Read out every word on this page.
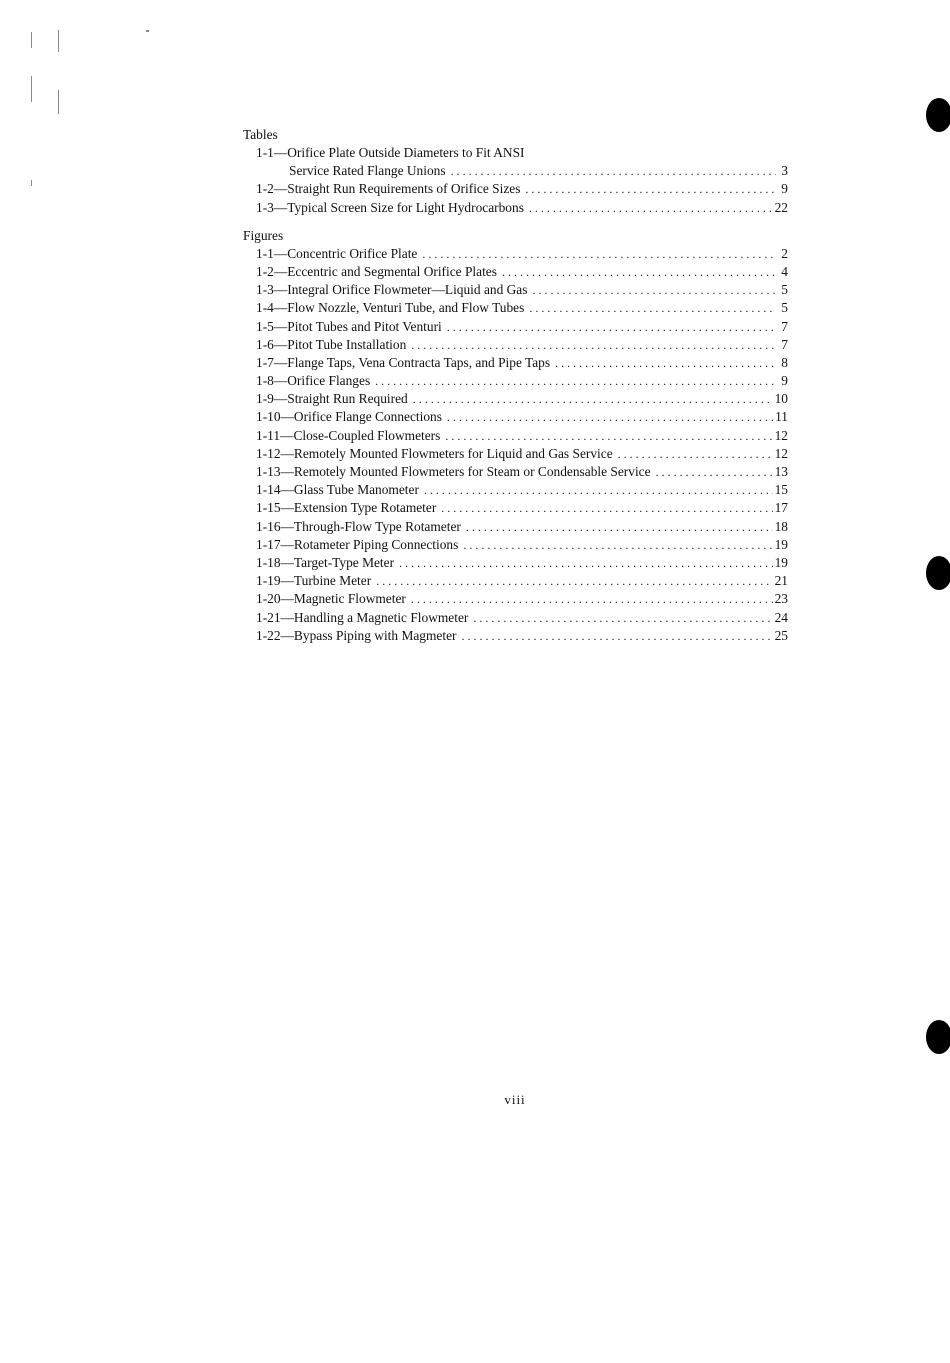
Tables
1-1—Orifice Plate Outside Diameters to Fit ANSI
Service Rated Flange Unions . . .	3
1-2—Straight Run Requirements of Orifice Sizes . . .	9
1-3—Typical Screen Size for Light Hydrocarbons . . .	22
Figures
1-1—Concentric Orifice Plate . . .	2
1-2—Eccentric and Segmental Orifice Plates . . .	4
1-3—Integral Orifice Flowmeter—Liquid and Gas . . .	5
1-4—Flow Nozzle, Venturi Tube, and Flow Tubes . . .	5
1-5—Pitot Tubes and Pitot Venturi . . .	7
1-6—Pitot Tube Installation . . .	7
1-7—Flange Taps, Vena Contracta Taps, and Pipe Taps . . .	8
1-8—Orifice Flanges . . .	9
1-9—Straight Run Required . . .	10
1-10—Orifice Flange Connections . . .	11
1-11—Close-Coupled Flowmeters . . .	12
1-12—Remotely Mounted Flowmeters for Liquid and Gas Service . . .	12
1-13—Remotely Mounted Flowmeters for Steam or Condensable Service . . .	13
1-14—Glass Tube Manometer . . .	15
1-15—Extension Type Rotameter . . .	17
1-16—Through-Flow Type Rotameter . . .	18
1-17—Rotameter Piping Connections . . .	19
1-18—Target-Type Meter . . .	19
1-19—Turbine Meter . . .	21
1-20—Magnetic Flowmeter . . .	23
1-21—Handling a Magnetic Flowmeter . . .	24
1-22—Bypass Piping with Magmeter . . .	25
viii
